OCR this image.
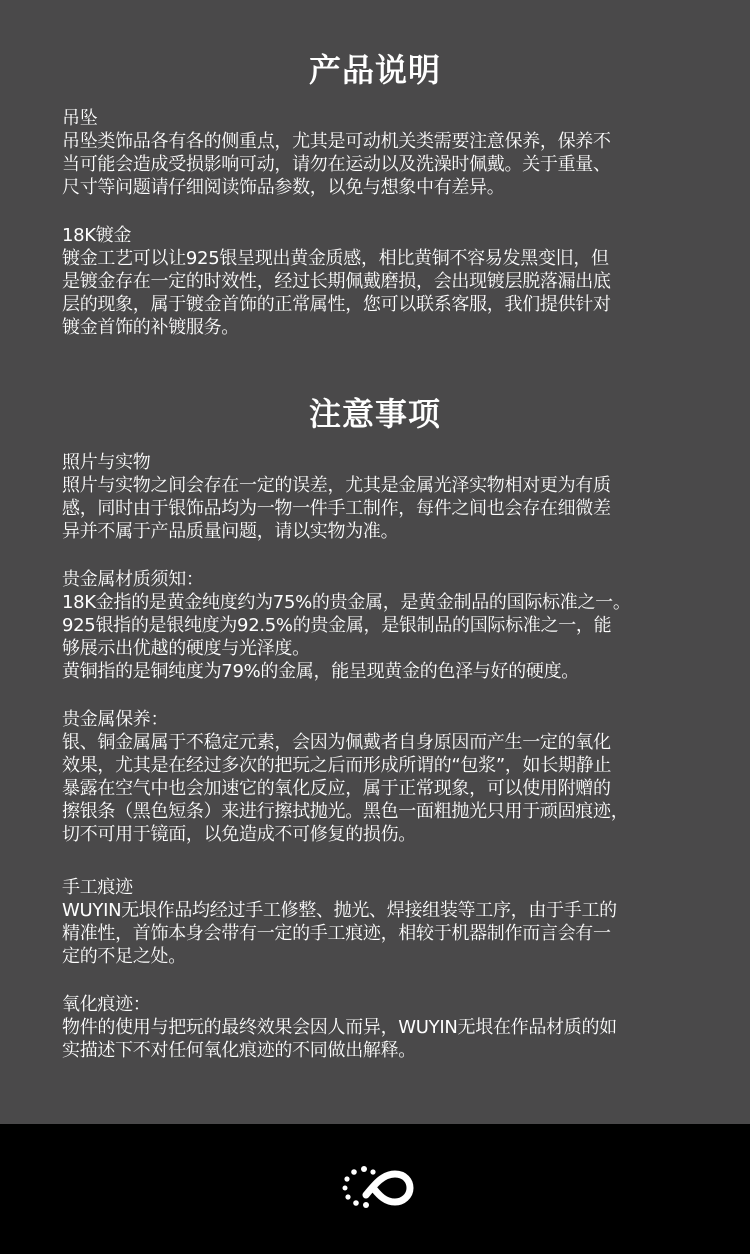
产品说明
吊坠
吊坠类饰品各有各的侧重点，尤其是可动机关类需要注意保养，保养不
当可能会造成受损影响可动，请勿在运动以及洗澡时佩戴。关于重量、
尺寸等问题请仔细阅读饰品参数，以免与想象中有差异。
18K镀金
镀金工艺可以让925银呈现出黄金质感，相比黄铜不容易发黑变旧，但
是镀金存在一定的时效性，经过长期佩戴磨损，会出现镀层脱落漏出底
层的现象，属于镀金首饰的正常属性，您可以联系客服，我们提供针对
镀金首饰的补镀服务。
注意事项
照片与实物
照片与实物之间会存在一定的误差，尤其是金属光泽实物相对更为有质
感，同时由于银饰品均为一物一件手工制作，每件之间也会存在细微差
异并不属于产品质量问题，请以实物为准。
贵金属材质须知：
18K金指的是黄金纯度约为75%的贵金属，是黄金制品的国际标准之一。
925银指的是银纯度为92.5%的贵金属，是银制品的国际标准之一，能
够展示出优越的硬度与光泽度。
黄铜指的是铜纯度为79%的金属，能呈现黄金的色泽与好的硬度。
贵金属保养：
银、铜金属属于不稳定元素，会因为佩戴者自身原因而产生一定的氧化
效果，尤其是在经过多次的把玩之后而形成所谓的“包浆”，如长期静止
暴露在空气中也会加速它的氧化反应，属于正常现象，可以使用附赠的
擦银条（黑色短条）来进行擦拭抛光。黑色一面粗抛光只用于顽固痕迹，
切不可用于镜面，以免造成不可修复的损伤。
手工痕迹
WUYIN无垠作品均经过手工修整、抛光、焊接组装等工序，由于手工的
精准性，首饰本身会带有一定的手工痕迹，相较于机器制作而言会有一
定的不足之处。
氧化痕迹：
物件的使用与把玩的最终效果会因人而异，WUYIN无垠在作品材质的如
实描述下不对任何氧化痕迹的不同做出解释。
